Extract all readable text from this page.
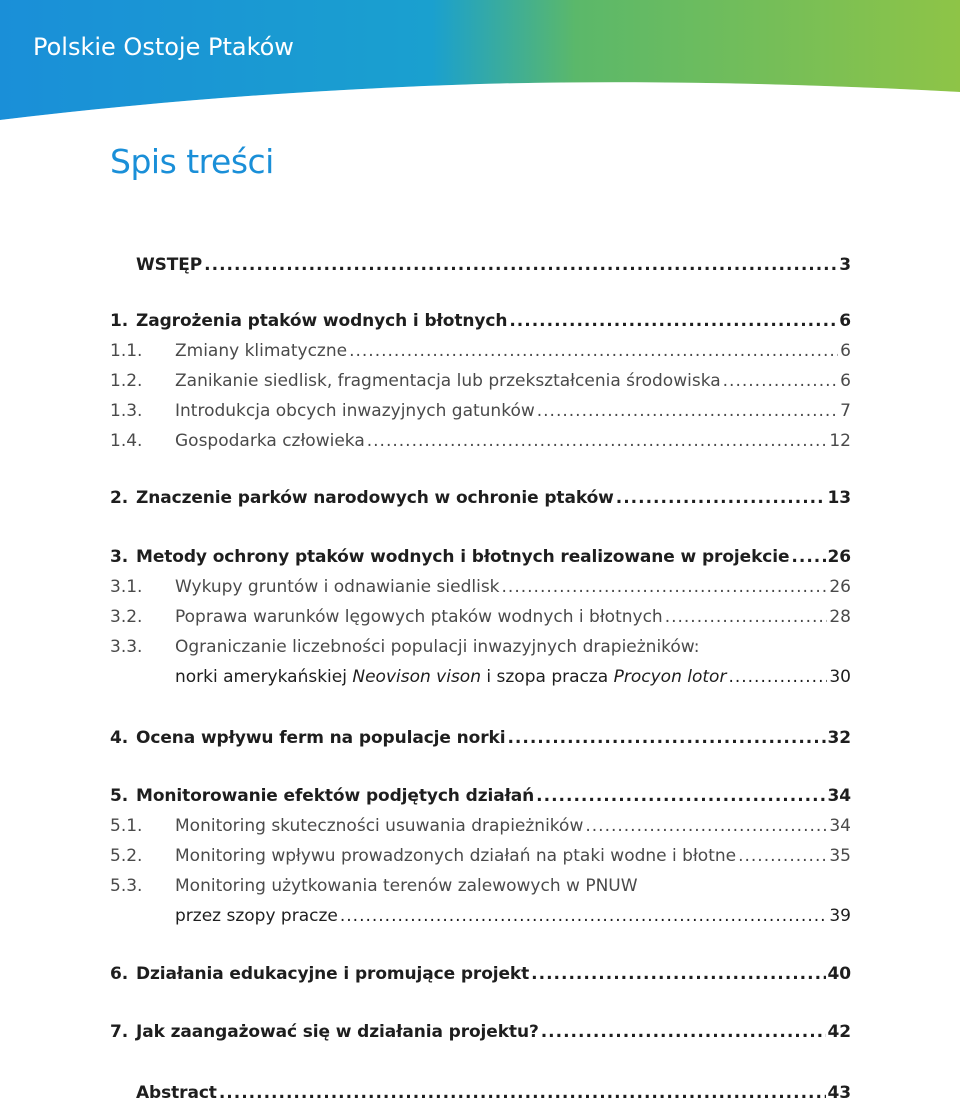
Polskie Ostoje Ptaków
Spis treści
WSTĘP .....	3
1. Zagrożenia ptaków wodnych i błotnych .....	6
1.1.	Zmiany klimatyczne .....	6
1.2.	Zanikanie siedlisk, fragmentacja lub przekształcenia środowiska .....	6
1.3.	Introdukcja obcych inwazyjnych gatunków .....	7
1.4.	Gospodarka człowieka .....	12
2. Znaczenie parków narodowych w ochronie ptaków .....	13
3. Metody ochrony ptaków wodnych i błotnych realizowane w projekcie ..... 26
3.1.	Wykupy gruntów i odnawianie siedlisk .....	26
3.2.	Poprawa warunków lęgowych ptaków wodnych i błotnych .....	28
3.3.	Ograniczanie liczebności populacji inwazyjnych drapieżników:
norki amerykańskiej Neovison vison i szopa pracza Procyon lotor .....	30
4. Ocena wpływu ferm na populacje norki .....	32
5. Monitorowanie efektów podjętych działań .....	34
5.1.	Monitoring skuteczności usuwania drapieżników .....	34
5.2.	Monitoring wpływu prowadzonych działań na ptaki wodne i błotne .....	35
5.3.	Monitoring użytkowania terenów zalewowych w PNUW
przez szopy pracze .....	39
6. Działania edukacyjne i promujące projekt .....	40
7. Jak zaangażować się w działania projektu? .....	42
Abstract .....	43
